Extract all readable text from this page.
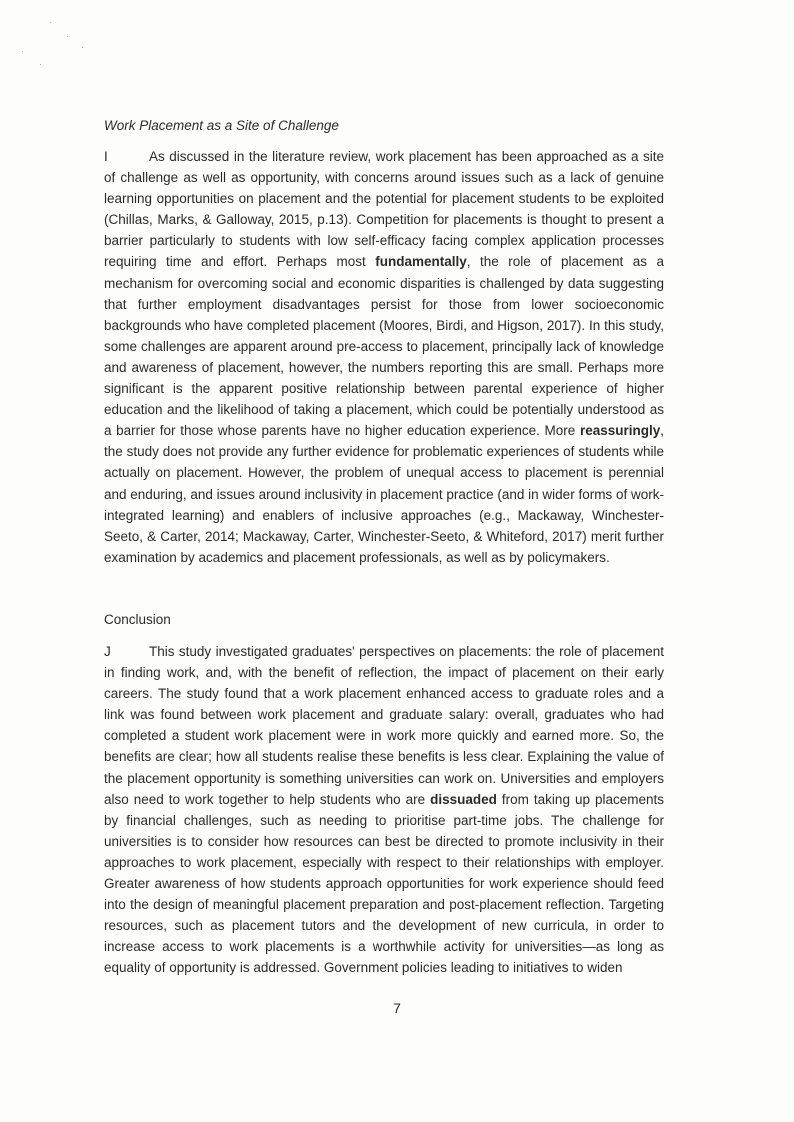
Work Placement as a Site of Challenge

I	As discussed in the literature review, work placement has been approached as a site of challenge as well as opportunity, with concerns around issues such as a lack of genuine learning opportunities on placement and the potential for placement students to be exploited (Chillas, Marks, & Galloway, 2015, p.13). Competition for placements is thought to present a barrier particularly to students with low self-efficacy facing complex application processes requiring time and effort. Perhaps most fundamentally, the role of placement as a mechanism for overcoming social and economic disparities is challenged by data suggesting that further employment disadvantages persist for those from lower socioeconomic backgrounds who have completed placement (Moores, Birdi, and Higson, 2017). In this study, some challenges are apparent around pre-access to placement, principally lack of knowledge and awareness of placement, however, the numbers reporting this are small. Perhaps more significant is the apparent positive relationship between parental experience of higher education and the likelihood of taking a placement, which could be potentially understood as a barrier for those whose parents have no higher education experience. More reassuringly, the study does not provide any further evidence for problematic experiences of students while actually on placement. However, the problem of unequal access to placement is perennial and enduring, and issues around inclusivity in placement practice (and in wider forms of work-integrated learning) and enablers of inclusive approaches (e.g., Mackaway, Winchester-Seeto, & Carter, 2014; Mackaway, Carter, Winchester-Seeto, & Whiteford, 2017) merit further examination by academics and placement professionals, as well as by policymakers.

Conclusion

J	This study investigated graduates' perspectives on placements: the role of placement in finding work, and, with the benefit of reflection, the impact of placement on their early careers. The study found that a work placement enhanced access to graduate roles and a link was found between work placement and graduate salary: overall, graduates who had completed a student work placement were in work more quickly and earned more. So, the benefits are clear; how all students realise these benefits is less clear. Explaining the value of the placement opportunity is something universities can work on. Universities and employers also need to work together to help students who are dissuaded from taking up placements by financial challenges, such as needing to prioritise part-time jobs. The challenge for universities is to consider how resources can best be directed to promote inclusivity in their approaches to work placement, especially with respect to their relationships with employer. Greater awareness of how students approach opportunities for work experience should feed into the design of meaningful placement preparation and post-placement reflection. Targeting resources, such as placement tutors and the development of new curricula, in order to increase access to work placements is a worthwhile activity for universities—as long as equality of opportunity is addressed. Government policies leading to initiatives to widen

7
